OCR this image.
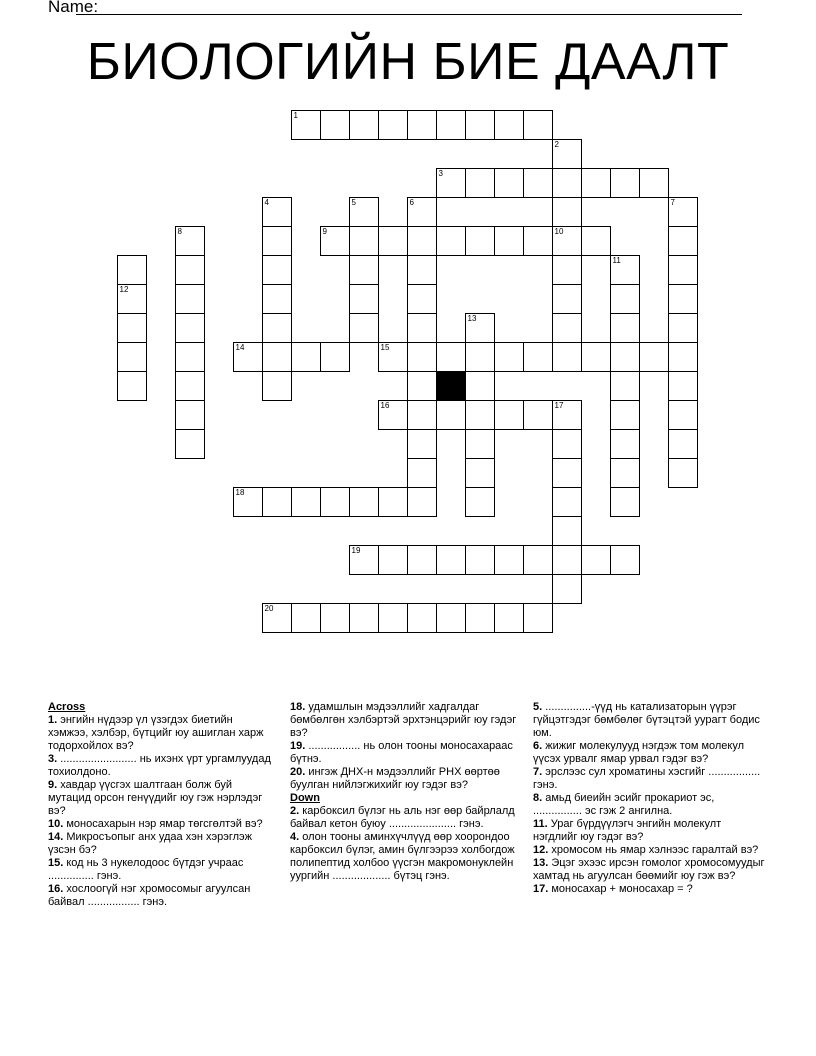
Name:
БИОЛОГИЙН БИЕ ДААЛТ
1
2
3
4	5	6	7
8	9	10
11
12
13
14	15
16	17
18
19
20
Across
1. энгийн нүдээр үл үзэгдэх биетийн хэмжээ, хэлбэр, бүтцийг юу ашиглан харж тодорхойлох вэ?
3. ......................... нь ихэнх үрт ургамлуудад тохиолдоно.
9. хавдар үүсгэх шалтгаан болж буй мутацид орсон генүүдийг юу гэж нэрлэдэг вэ?
10. моносахарын нэр ямар төгсгөлтэй вэ?
14. Микросъопыг анх удаа хэн хэрэглэж үзсэн бэ?
15. код нь 3 нукелодоос бүтдэг учраас ............... гэнэ.
16. хослоогүй нэг хромосомыг агуулсан байвал ................. гэнэ.
18. удамшлын мэдээллийг хадгалдаг бөмбөлгөн хэлбэртэй эрхтэнцэрийг юу гэдэг вэ?
19. ................. нь олон тооны моносахараас бүтнэ.
20. ингэж ДНХ-н мэдээллийг РНХ өөртөө буулган нийлэгжихийг юу гэдэг вэ?
Down
2. карбоксил бүлэг нь аль нэг өөр байрлалд байвал кетон буюу ...................... гэнэ.
4. олон тооны аминхүчлүүд өөр хоорондоо карбоксил бүлэг, амин бүлгээрээ холбогдож полипептид холбоо үүсгэн макромонуклейн уургийн ................... бүтэц гэнэ.
5. ...............-үүд нь катализаторын үүрэг гүйцэтгэдэг бөмбөлөг бүтэцтэй уурагт бодис юм.
6. жижиг молекулууд нэгдэж том молекул үүсэх урвалг ямар урвал гэдэг вэ?
7. эрслээс сул хроматины хэсгийг ................. гэнэ.
8. амьд биеийн эсийг прокариот эс, ................ эс гэж 2 ангилна.
11. Ураг бүрдүүлэгч энгийн молекулт нэгдлийг юу гэдэг вэ?
12. хромосом нь ямар хэлнээс гаралтай вэ?
13. Эцэг эхээс ирсэн гомолог хромосомуудыг хамтад нь агуулсан бөөмийг юу гэж вэ?
17. моносахар + моносахар = ?
